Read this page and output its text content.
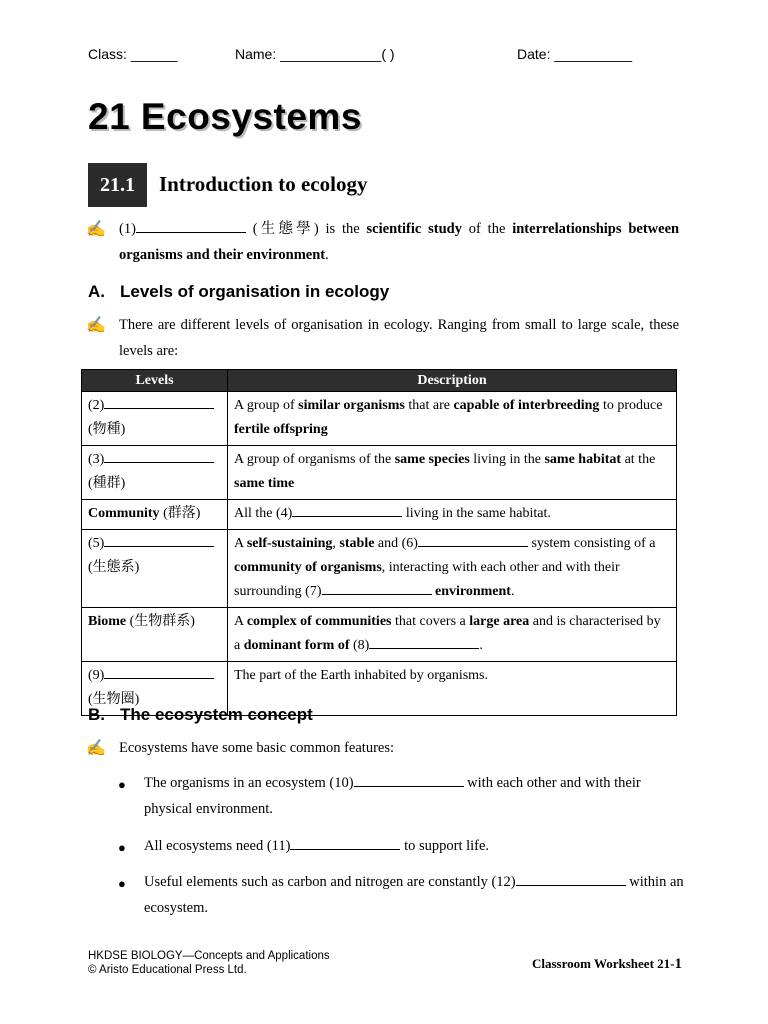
Class: ______	Name: _____________( )	Date: __________
21 Ecosystems
21.1 Introduction to ecology
✍ (1)	(生態學) is the scientific study of the interrelationships between organisms and their environment.

A. Levels of organisation in ecology
✍ There are different levels of organisation in ecology. Ranging from small to large scale, these levels are:

Levels	Description
(2)
(物種)	A group of similar organisms that are capable of interbreeding to produce fertile offspring
(3)
(種群)	A group of organisms of the same species living in the same habitat at the same time
Community (群落)	All the (4) living in the same habitat.
(5)
(生態系)	A self-sustaining, stable and (6) system consisting of a community of organisms, interacting with each other and with their surrounding (7) environment.
Biome (生物群系)	A complex of communities that covers a large area and is characterised by a dominant form of (8) .
(9)
(生物圈)	The part of the Earth inhabited by organisms.
B. The ecosystem concept
✍ Ecosystems have some basic common features:

● The organisms in an ecosystem (10)	with each other and with their physical environment.

● All ecosystems need (11)	to support life.

● Useful elements such as carbon and nitrogen are constantly (12)	within an ecosystem.

HKDSE BIOLOGY—Concepts and Applications
© Aristo Educational Press Ltd.	Classroom Worksheet 21-1
